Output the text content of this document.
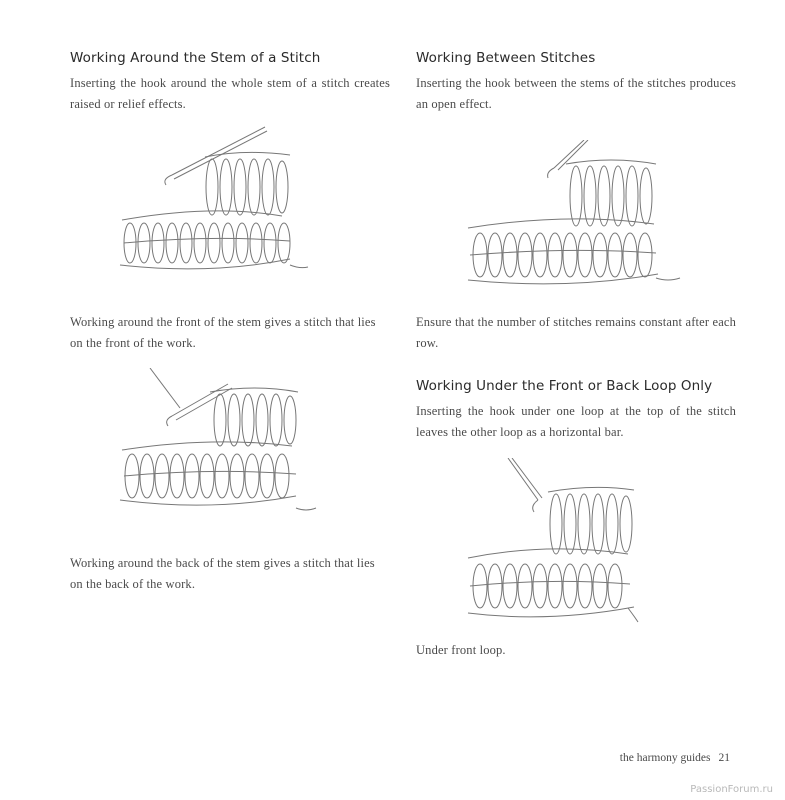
Working Around the Stem of a Stitch

Inserting the hook around the whole stem of a stitch creates raised or relief effects.

Working around the front of the stem gives a stitch that lies on the front of the work.

Working around the back of the stem gives a stitch that lies on the back of the work.

Working Between Stitches

Inserting the hook between the stems of the stitches produces an open effect.

Ensure that the number of stitches remains constant after each row.

Working Under the Front or Back Loop Only

Inserting the hook under one loop at the top of the stitch leaves the other loop as a horizontal bar.

Under front loop.

the harmony guides 21
PassionForum.ru
